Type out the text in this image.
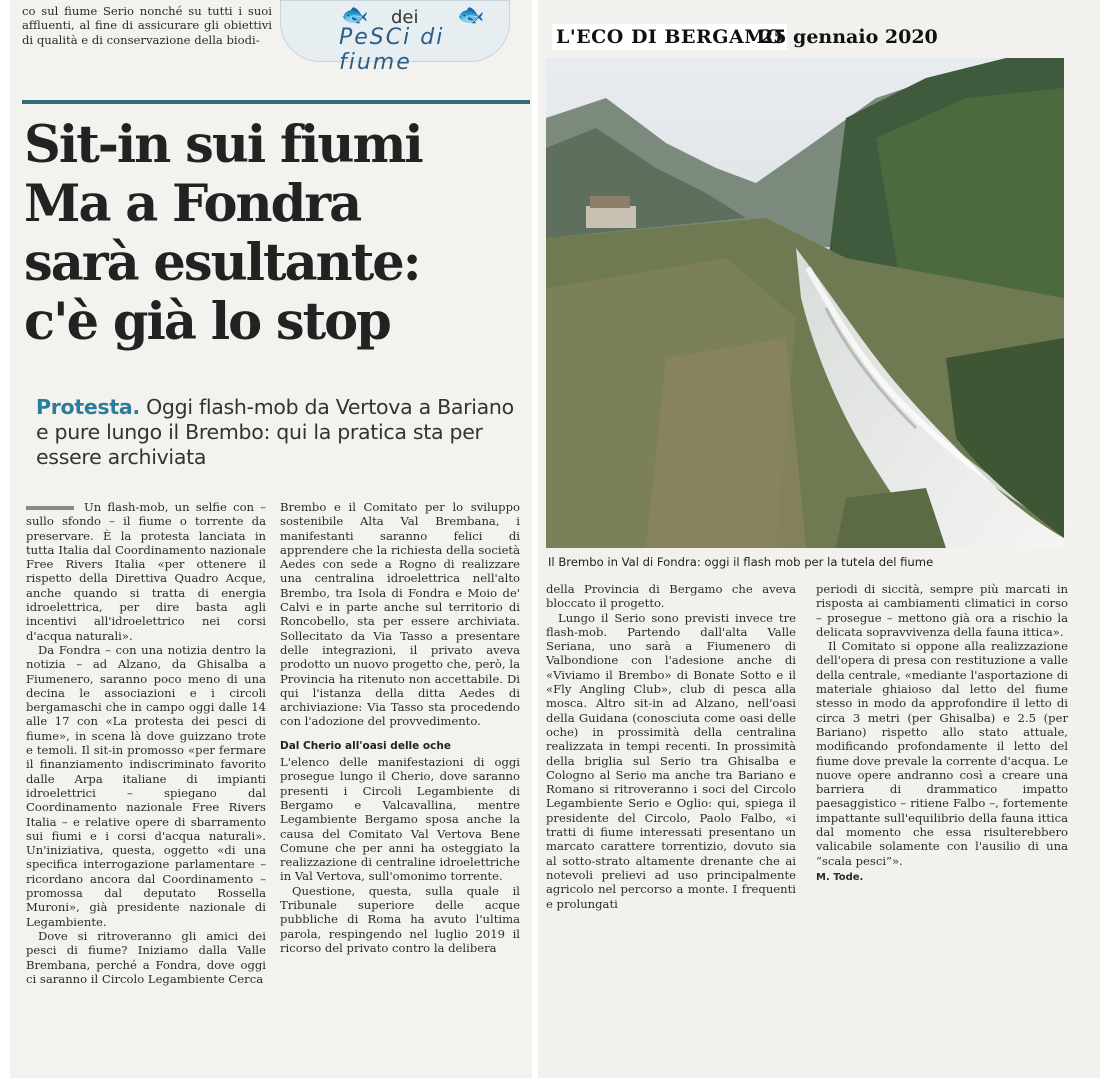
co sul fiume Serio nonché su tutti i suoi affluenti, al fine di assicurare gli obiettivi di qualità e di conservazione della biodi-
🐟	🐟
dei
PeSCi di fiume
Sit-in sui fiumi
Ma a Fondra
sarà esultante:
c'è già lo stop
Protesta. Oggi flash-mob da Vertova a Bariano e pure lungo il Brembo: qui la pratica sta per essere archiviata

Un flash-mob, un selfie con – sullo sfondo – il fiume o torrente da preservare. È la protesta lanciata in tutta Italia dal Coordinamento nazionale Free Rivers Italia «per ottenere il rispetto della Direttiva Quadro Acque, anche quando si tratta di energia idroelettrica, per dire basta agli incentivi all'idroelettrico nei corsi d'acqua naturali».

Da Fondra – con una notizia dentro la notizia – ad Alzano, da Ghisalba a Fiumenero, saranno poco meno di una decina le associazioni e i circoli bergamaschi che in campo oggi dalle 14 alle 17 con «La protesta dei pesci di fiume», in scena là dove guizzano trote e temoli. Il sit-in promosso «per fermare il finanziamento indiscriminato favorito dalle Arpa italiane di impianti idroelettrici – spiegano dal Coordinamento nazionale Free Rivers Italia – e relative opere di sbarramento sui fiumi e i corsi d'acqua naturali». Un'iniziativa, questa, oggetto «di una specifica interrogazione parlamentare – ricordano ancora dal Coordinamento – promossa dal deputato Rossella Muroni», già presidente nazionale di Legambiente.

Dove si ritroveranno gli amici dei pesci di fiume? Iniziamo dalla Valle Brembana, perché a Fondra, dove oggi ci saranno il Circolo Legambiente Cerca

Brembo e il Comitato per lo sviluppo sostenibile Alta Val Brembana, i manifestanti saranno felici di apprendere che la richiesta della società Aedes con sede a Rogno di realizzare una centralina idroelettrica nell'alto Brembo, tra Isola di Fondra e Moio de' Calvi e in parte anche sul territorio di Roncobello, sta per essere archiviata. Sollecitato da Via Tasso a presentare delle integrazioni, il privato aveva prodotto un nuovo progetto che, però, la Provincia ha ritenuto non accettabile. Di qui l'istanza della ditta Aedes di archiviazione: Via Tasso sta procedendo con l'adozione del provvedimento.

Dal Cherio all'oasi delle oche

L'elenco delle manifestazioni di oggi prosegue lungo il Cherio, dove saranno presenti i Circoli Legambiente di Bergamo e Valcavallina, mentre Legambiente Bergamo sposa anche la causa del Comitato Val Vertova Bene Comune che per anni ha osteggiato la realizzazione di centraline idroelettriche in Val Vertova, sull'omonimo torrente.

Questione, questa, sulla quale il Tribunale superiore delle acque pubbliche di Roma ha avuto l'ultima parola, respingendo nel luglio 2019 il ricorso del privato contro la delibera

L'ECO DI BERGAMO
25 gennaio 2020
Il Brembo in Val di Fondra: oggi il flash mob per la tutela del fiume

della Provincia di Bergamo che aveva bloccato il progetto.

Lungo il Serio sono previsti invece tre flash-mob. Partendo dall'alta Valle Seriana, uno sarà a Fiumenero di Valbondione con l'adesione anche di «Viviamo il Brembo» di Bonate Sotto e il «Fly Angling Club», club di pesca alla mosca. Altro sit-in ad Alzano, nell'oasi della Guidana (conosciuta come oasi delle oche) in prossimità della centralina realizzata in tempi recenti. In prossimità della briglia sul Serio tra Ghisalba e Cologno al Serio ma anche tra Bariano e Romano si ritroveranno i soci del Circolo Legambiente Serio e Oglio: qui, spiega il presidente del Circolo, Paolo Falbo, «i tratti di fiume interessati presentano un marcato carattere torrentizio, dovuto sia al sotto-strato altamente drenante che ai notevoli prelievi ad uso principalmente agricolo nel percorso a monte. I frequenti e prolungati

periodi di siccità, sempre più marcati in risposta ai cambiamenti climatici in corso – prosegue – mettono già ora a rischio la delicata sopravvivenza della fauna ittica».

Il Comitato si oppone alla realizzazione dell'opera di presa con restituzione a valle della centrale, «mediante l'asportazione di materiale ghiaioso dal letto del fiume stesso in modo da approfondire il letto di circa 3 metri (per Ghisalba) e 2.5 (per Bariano) rispetto allo stato attuale, modificando profondamente il letto del fiume dove prevale la corrente d'acqua. Le nuove opere andranno così a creare una barriera di drammatico impatto paesaggistico – ritiene Falbo –, fortemente impattante sull'equilibrio della fauna ittica dal momento che essa risulterebbero valicabile solamente con l'ausilio di una “scala pesci”».

M. Tode.
